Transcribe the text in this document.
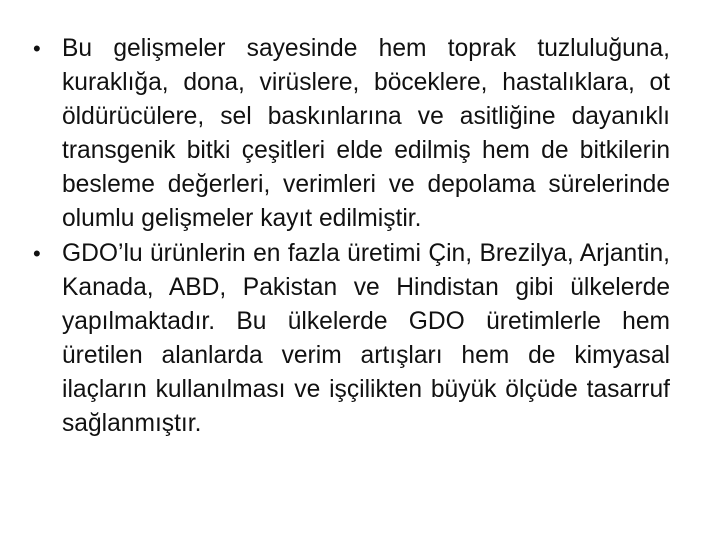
• Bu gelişmeler sayesinde hem toprak tuzluluğuna, kuraklığa, dona, virüslere, böceklere, hastalıklara, ot öldürücülere, sel baskınlarına ve asitliğine dayanıklı transgenik bitki çeşitleri elde edilmiş hem de bitkilerin besleme değerleri, verimleri ve depolama sürelerinde olumlu gelişmeler kayıt edilmiştir.
• GDO’lu ürünlerin en fazla üretimi Çin, Brezilya, Arjantin, Kanada, ABD, Pakistan ve Hindistan gibi ülkelerde yapılmaktadır. Bu ülkelerde GDO üretimlerle hem üretilen alanlarda verim artışları hem de kimyasal ilaçların kullanılması ve işçilikten büyük ölçüde tasarruf sağlanmıştır.
